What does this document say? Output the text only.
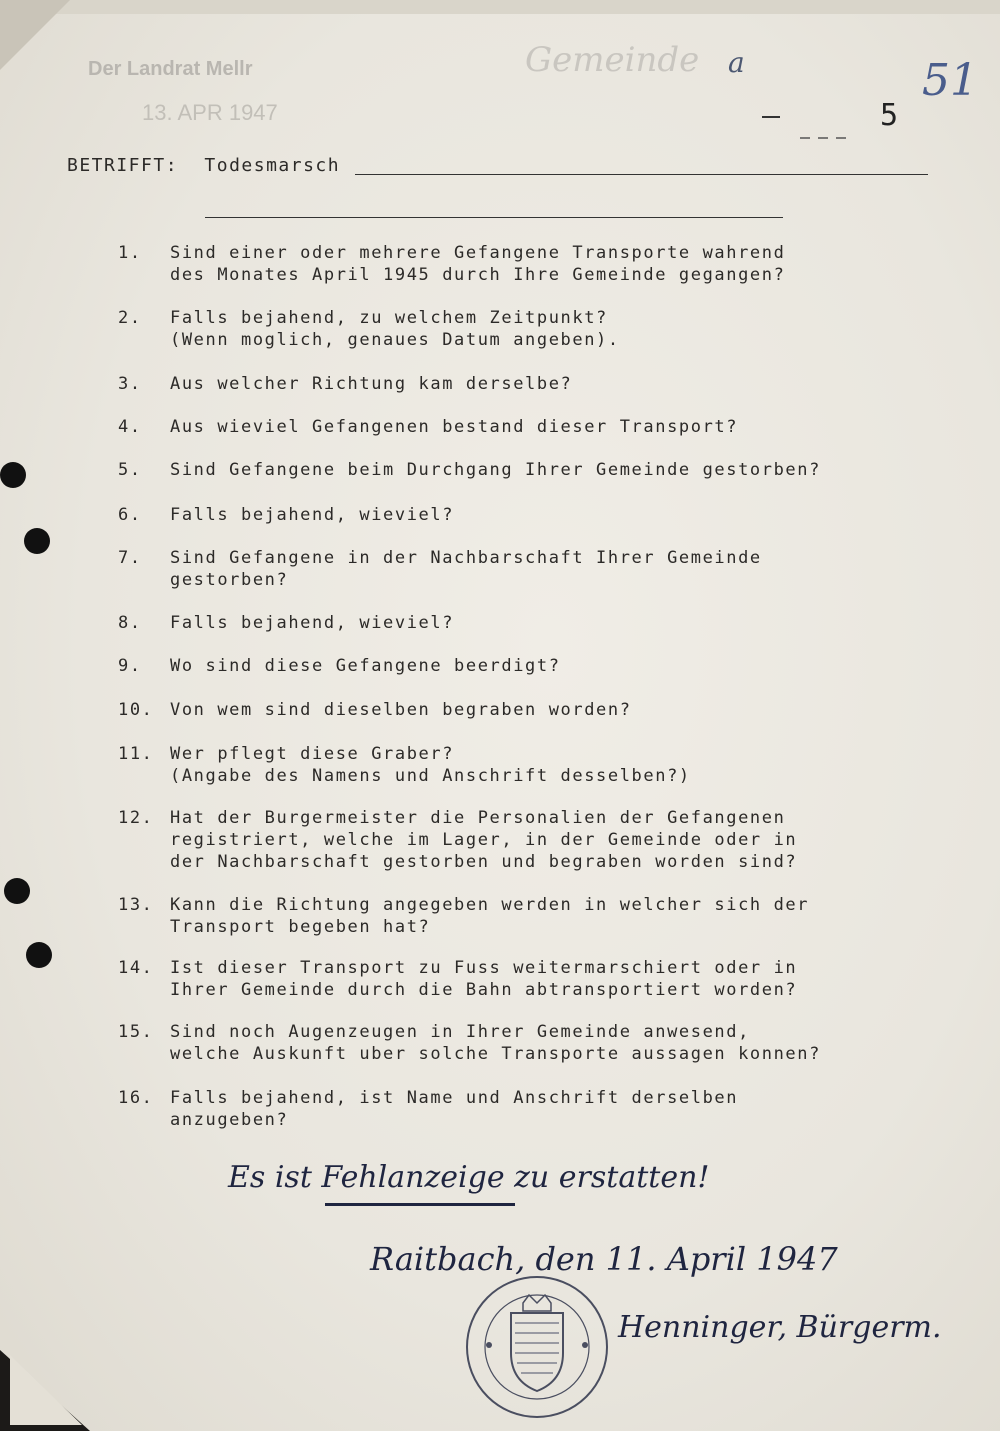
Der Landrat Mellr
13. APR 1947
Gemeinde a	51
5
BETRIFFT: Todesmarsch
1.	Sind einer oder mehrere Gefangene Transporte wahrend
des Monates April 1945 durch Ihre Gemeinde gegangen?
2.	Falls bejahend, zu welchem Zeitpunkt?
(Wenn moglich, genaues Datum angeben).
3.	Aus welcher Richtung kam derselbe?
4.	Aus wieviel Gefangenen bestand dieser Transport?
5.	Sind Gefangene beim Durchgang Ihrer Gemeinde gestorben?
6.	Falls bejahend, wieviel?
7.	Sind Gefangene in der Nachbarschaft Ihrer Gemeinde
gestorben?
8.	Falls bejahend, wieviel?
9.	Wo sind diese Gefangene beerdigt?
10. Von wem sind dieselben begraben worden?
11. Wer pflegt diese Graber?
(Angabe des Namens und Anschrift desselben?)
12. Hat der Burgermeister die Personalien der Gefangenen
registriert, welche im Lager, in der Gemeinde oder in
der Nachbarschaft gestorben und begraben worden sind?
13. Kann die Richtung angegeben werden in welcher sich der
Transport begeben hat?
14. Ist dieser Transport zu Fuss weitermarschiert oder in
Ihrer Gemeinde durch die Bahn abtransportiert worden?
15. Sind noch Augenzeugen in Ihrer Gemeinde anwesend,
welche Auskunft uber solche Transporte aussagen konnen?
16. Falls bejahend, ist Name und Anschrift derselben
anzugeben?
Es ist Fehlanzeige zu erstatten!
Raitbach, den 11. April 1947
Henninger, Bürgerm.
